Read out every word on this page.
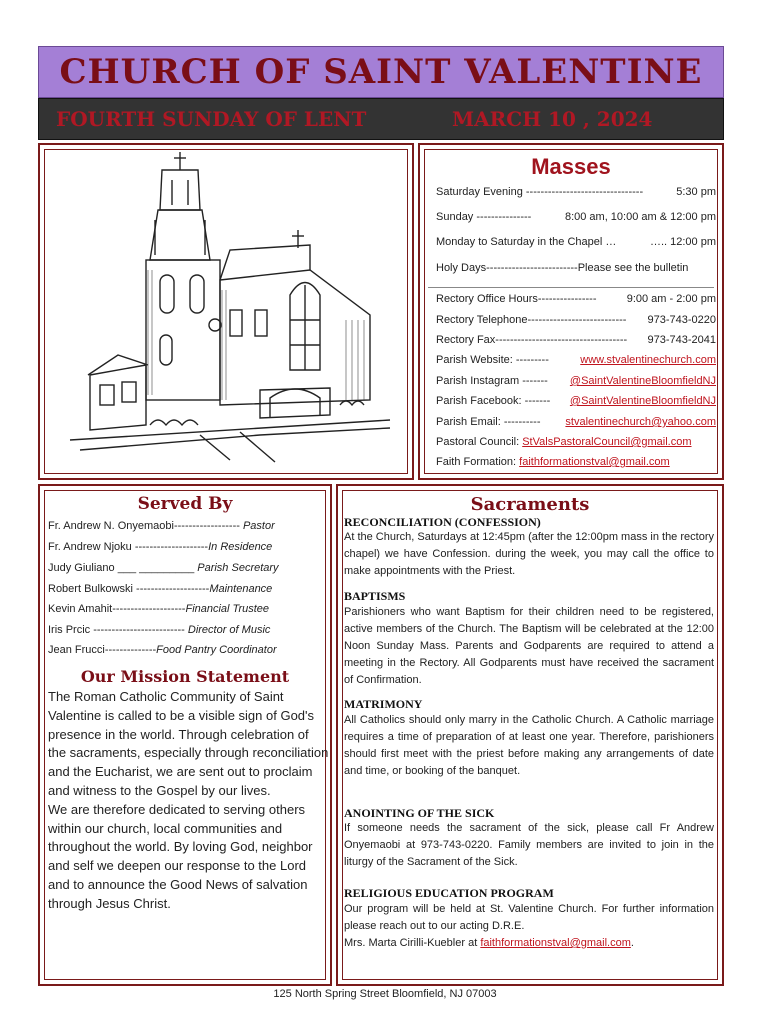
CHURCH OF SAINT VALENTINE
FOURTH SUNDAY OF LENT	MARCH 10 , 2024
Masses
Saturday Evening --------------------------------	5:30 pm
Sunday ---------------	8:00 am, 10:00 am & 12:00 pm
Monday to Saturday in the Chapel …	….. 12:00 pm
Holy Days-------------------------Please see the bulletin
Rectory Office Hours----------------	9:00 am - 2:00 pm
Rectory Telephone--------------------------- 973-743-0220
Rectory Fax------------------------------------ 973-743-2041
Parish Website: ---------	www.stvalentinechurch.com
Parish Instagram ------- @SaintValentineBloomfieldNJ
Parish Facebook: ------- @SaintValentineBloomfieldNJ
Parish Email: ---------- stvalentinechurch@yahoo.com
Pastoral Council: StValsPastoralCouncil@gmail.com
Faith Formation: faithformationstval@gmail.com
Served By
Fr. Andrew N. Onyemaobi------------------ Pastor
Fr. Andrew Njoku --------------------In Residence
Judy Giuliano ___ _________ Parish Secretary
Robert Bulkowski --------------------Maintenance
Kevin Amahit--------------------Financial Trustee
Iris Prcic ------------------------- Director of Music
Jean Frucci--------------Food Pantry Coordinator
Our Mission Statement
The Roman Catholic Community of Saint Valentine is called to be a visible sign of God's presence in the world. Through celebration of the sacraments, especially through reconciliation and the Eucharist, we are sent out to proclaim and witness to the Gospel by our lives.
We are therefore dedicated to serving others within our church, local communities and throughout the world. By loving God, neighbor and self we deepen our response to the Lord and to announce the Good News of salvation through Jesus Christ.
Sacraments
RECONCILIATION (CONFESSION)
At the Church, Saturdays at 12:45pm (after the 12:00pm mass in the rectory chapel) we have Confession. during the week, you may call the office to make appointments with the Priest.
BAPTISMS
Parishioners who want Baptism for their children need to be registered, active members of the Church. The Baptism will be celebrated at the 12:00 Noon Sunday Mass. Parents and Godparents are required to attend a meeting in the Rectory. All Godparents must have received the sacrament of Confirmation.
MATRIMONY
All Catholics should only marry in the Catholic Church. A Catholic marriage requires a time of preparation of at least one year. Therefore, parishioners should first meet with the priest before making any arrangements of date and time, or booking of the banquet.
ANOINTING OF THE SICK
If someone needs the sacrament of the sick, please call Fr Andrew Onyemaobi at 973-743-0220. Family members are invited to join in the liturgy of the Sacrament of the Sick.
RELIGIOUS EDUCATION PROGRAM
Our program will be held at St. Valentine Church. For further information please reach out to our acting D.R.E.
Mrs. Marta Cirilli-Kuebler at faithformationstval@gmail.com.
125 North Spring Street Bloomfield, NJ 07003
